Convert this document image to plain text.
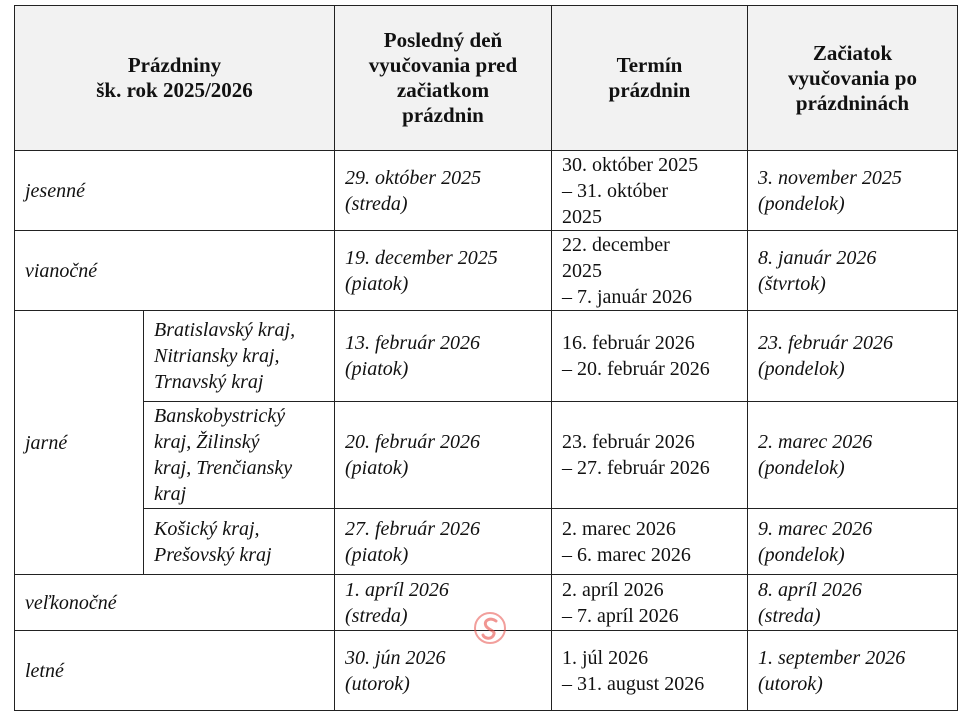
Prázdniny
šk. rok 2025/2026		Posledný deň
vyučovania pred
začiatkom
prázdnin	Termín
prázdnin	Začiatok
vyučovania po
prázdninách
jesenné		29. október 2025
(streda)	30. október 2025
– 31. október
2025	3. november 2025
(pondelok)
vianočné		19. december 2025
(piatok)	22. december
2025
– 7. január 2026	8. január 2026
(štvrtok)
jarné	Bratislavský kraj,
Nitriansky kraj,
Trnavský kraj	13. február 2026
(piatok)	16. február 2026
– 20. február 2026	23. február 2026
(pondelok)
	Banskobystrický
kraj, Žilinský
kraj, Trenčiansky
kraj	20. február 2026
(piatok)	23. február 2026
– 27. február 2026	2. marec 2026
(pondelok)
	Košický kraj,
Prešovský kraj	27. február 2026
(piatok)	2. marec 2026
– 6. marec 2026	9. marec 2026
(pondelok)
veľkonočné		1. apríl 2026
(streda)	2. apríl 2026
– 7. apríl 2026	8. apríl 2026
(streda)
letné		30. jún 2026
(utorok)	1. júl 2026
– 31. august 2026	1. september 2026
(utorok)
